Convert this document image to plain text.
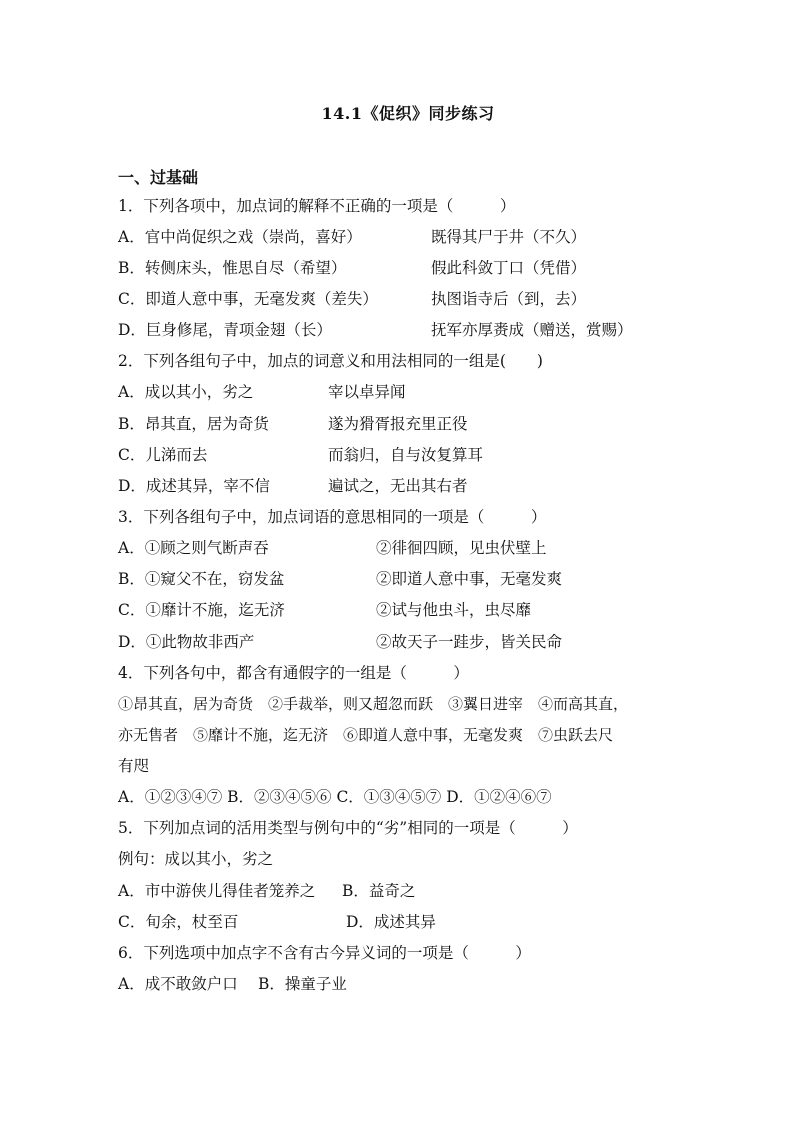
14.1《促织》同步练习
一、过基础
1．下列各项中，加点词的解释不正确的一项是（　　　）
A．官中尚促织之戏（崇尚，喜好）	既得其尸于井（不久）
B．转侧床头，惟思自尽（希望）	假此科敛丁口（凭借）
C．即道人意中事，无毫发爽（差失）	执图诣寺后（到，去）
D．巨身修尾，青项金翅（长）	抚军亦厚赉成（赠送，赏赐）
2．下列各组句子中，加点的词意义和用法相同的一组是(　　)
A．成以其小，劣之	宰以卓异闻
B．昂其直，居为奇货	遂为猾胥报充里正役
C．儿涕而去	而翁归，自与汝复算耳
D．成述其异，宰不信	遍试之，无出其右者
3．下列各组句子中，加点词语的意思相同的一项是（　　　）
A．①顾之则气断声吞	②徘徊四顾，见虫伏壁上
B．①窥父不在，窃发盆	②即道人意中事，无毫发爽
C．①靡计不施，迄无济	②试与他虫斗，虫尽靡
D．①此物故非西产	②故天子一跬步，皆关民命
4．下列各句中，都含有通假字的一组是（　　　）
①昂其直，居为奇货　②手裁举，则又超忽而跃　③翼日进宰　④而高其直，
亦无售者　⑤靡计不施，迄无济　⑥即道人意中事，无毫发爽　⑦虫跃去尺
有咫
A．①②③④⑦ B．②③④⑤⑥ C．①③④⑤⑦ D．①②④⑥⑦
5．下列加点词的活用类型与例句中的“劣”相同的一项是（　　　）
例句：成以其小，劣之
A．市中游侠儿得佳者笼养之 B．益奇之
C．旬余，杖至百	D．成述其异
6．下列选项中加点字不含有古今异义词的一项是（　　　）
A．成不敢敛户口 B．操童子业
